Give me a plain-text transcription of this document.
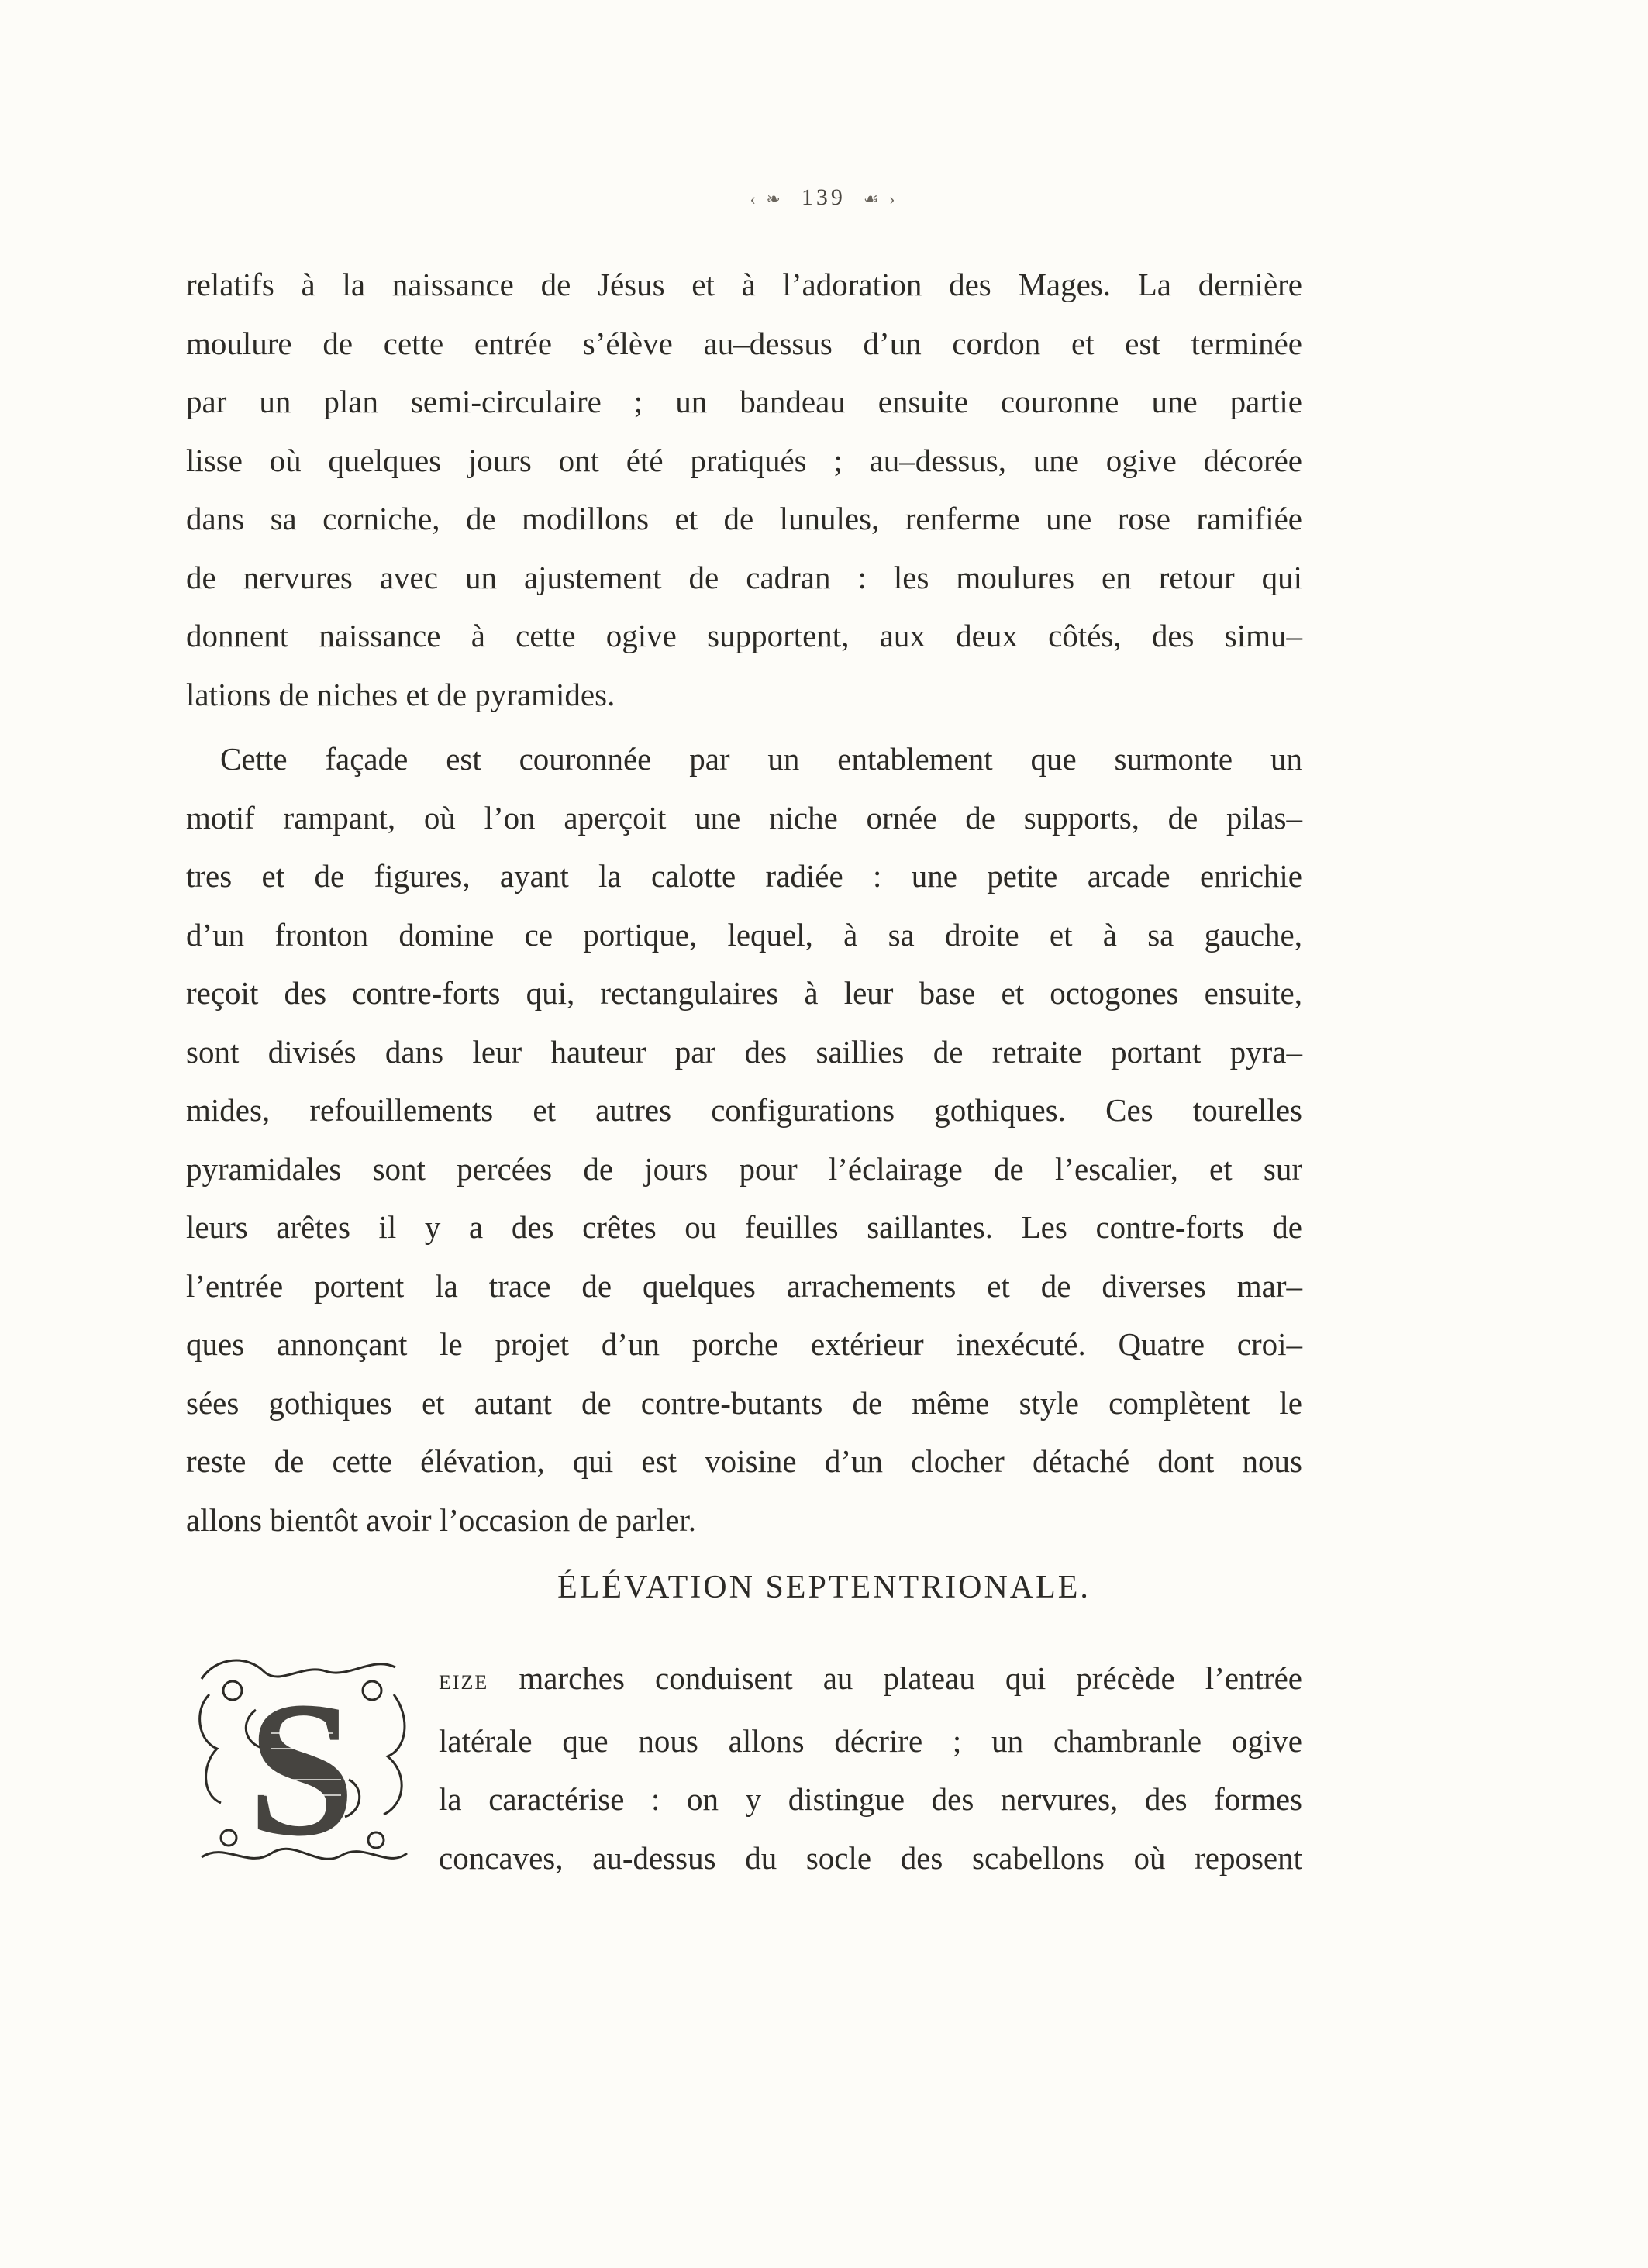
‹ ❧ 139 ☙ ›

relatifs à la naissance de Jésus et à l’adoration des Mages. La dernière
moulure de cette entrée s’élève au–dessus d’un cordon et est terminée
par un plan semi-circulaire ; un bandeau ensuite couronne une partie
lisse où quelques jours ont été pratiqués ; au–dessus, une ogive décorée
dans sa corniche, de modillons et de lunules, renferme une rose ramifiée
de nervures avec un ajustement de cadran : les moulures en retour qui
donnent naissance à cette ogive supportent, aux deux côtés, des simu–
lations de niches et de pyramides.

Cette façade est couronnée par un entablement que surmonte un
motif rampant, où l’on aperçoit une niche ornée de supports, de pilas–
tres et de figures, ayant la calotte radiée : une petite arcade enrichie
d’un fronton domine ce portique, lequel, à sa droite et à sa gauche,
reçoit des contre-forts qui, rectangulaires à leur base et octogones ensuite,
sont divisés dans leur hauteur par des saillies de retraite portant pyra–
mides, refouillements et autres configurations gothiques. Ces tourelles
pyramidales sont percées de jours pour l’éclairage de l’escalier, et sur
leurs arêtes il y a des crêtes ou feuilles saillantes. Les contre-forts de
l’entrée portent la trace de quelques arrachements et de diverses mar–
ques annonçant le projet d’un porche extérieur inexécuté. Quatre croi–
sées gothiques et autant de contre-butants de même style complètent le
reste de cette élévation, qui est voisine d’un clocher détaché dont nous
allons bientôt avoir l’occasion de parler.

ÉLÉVATION SEPTENTRIONALE.
S	EIZE marches conduisent au plateau qui précède l’entrée
latérale que nous allons décrire ; un chambranle ogive
la caractérise : on y distingue des nervures, des formes
concaves, au-dessus du socle des scabellons où reposent
